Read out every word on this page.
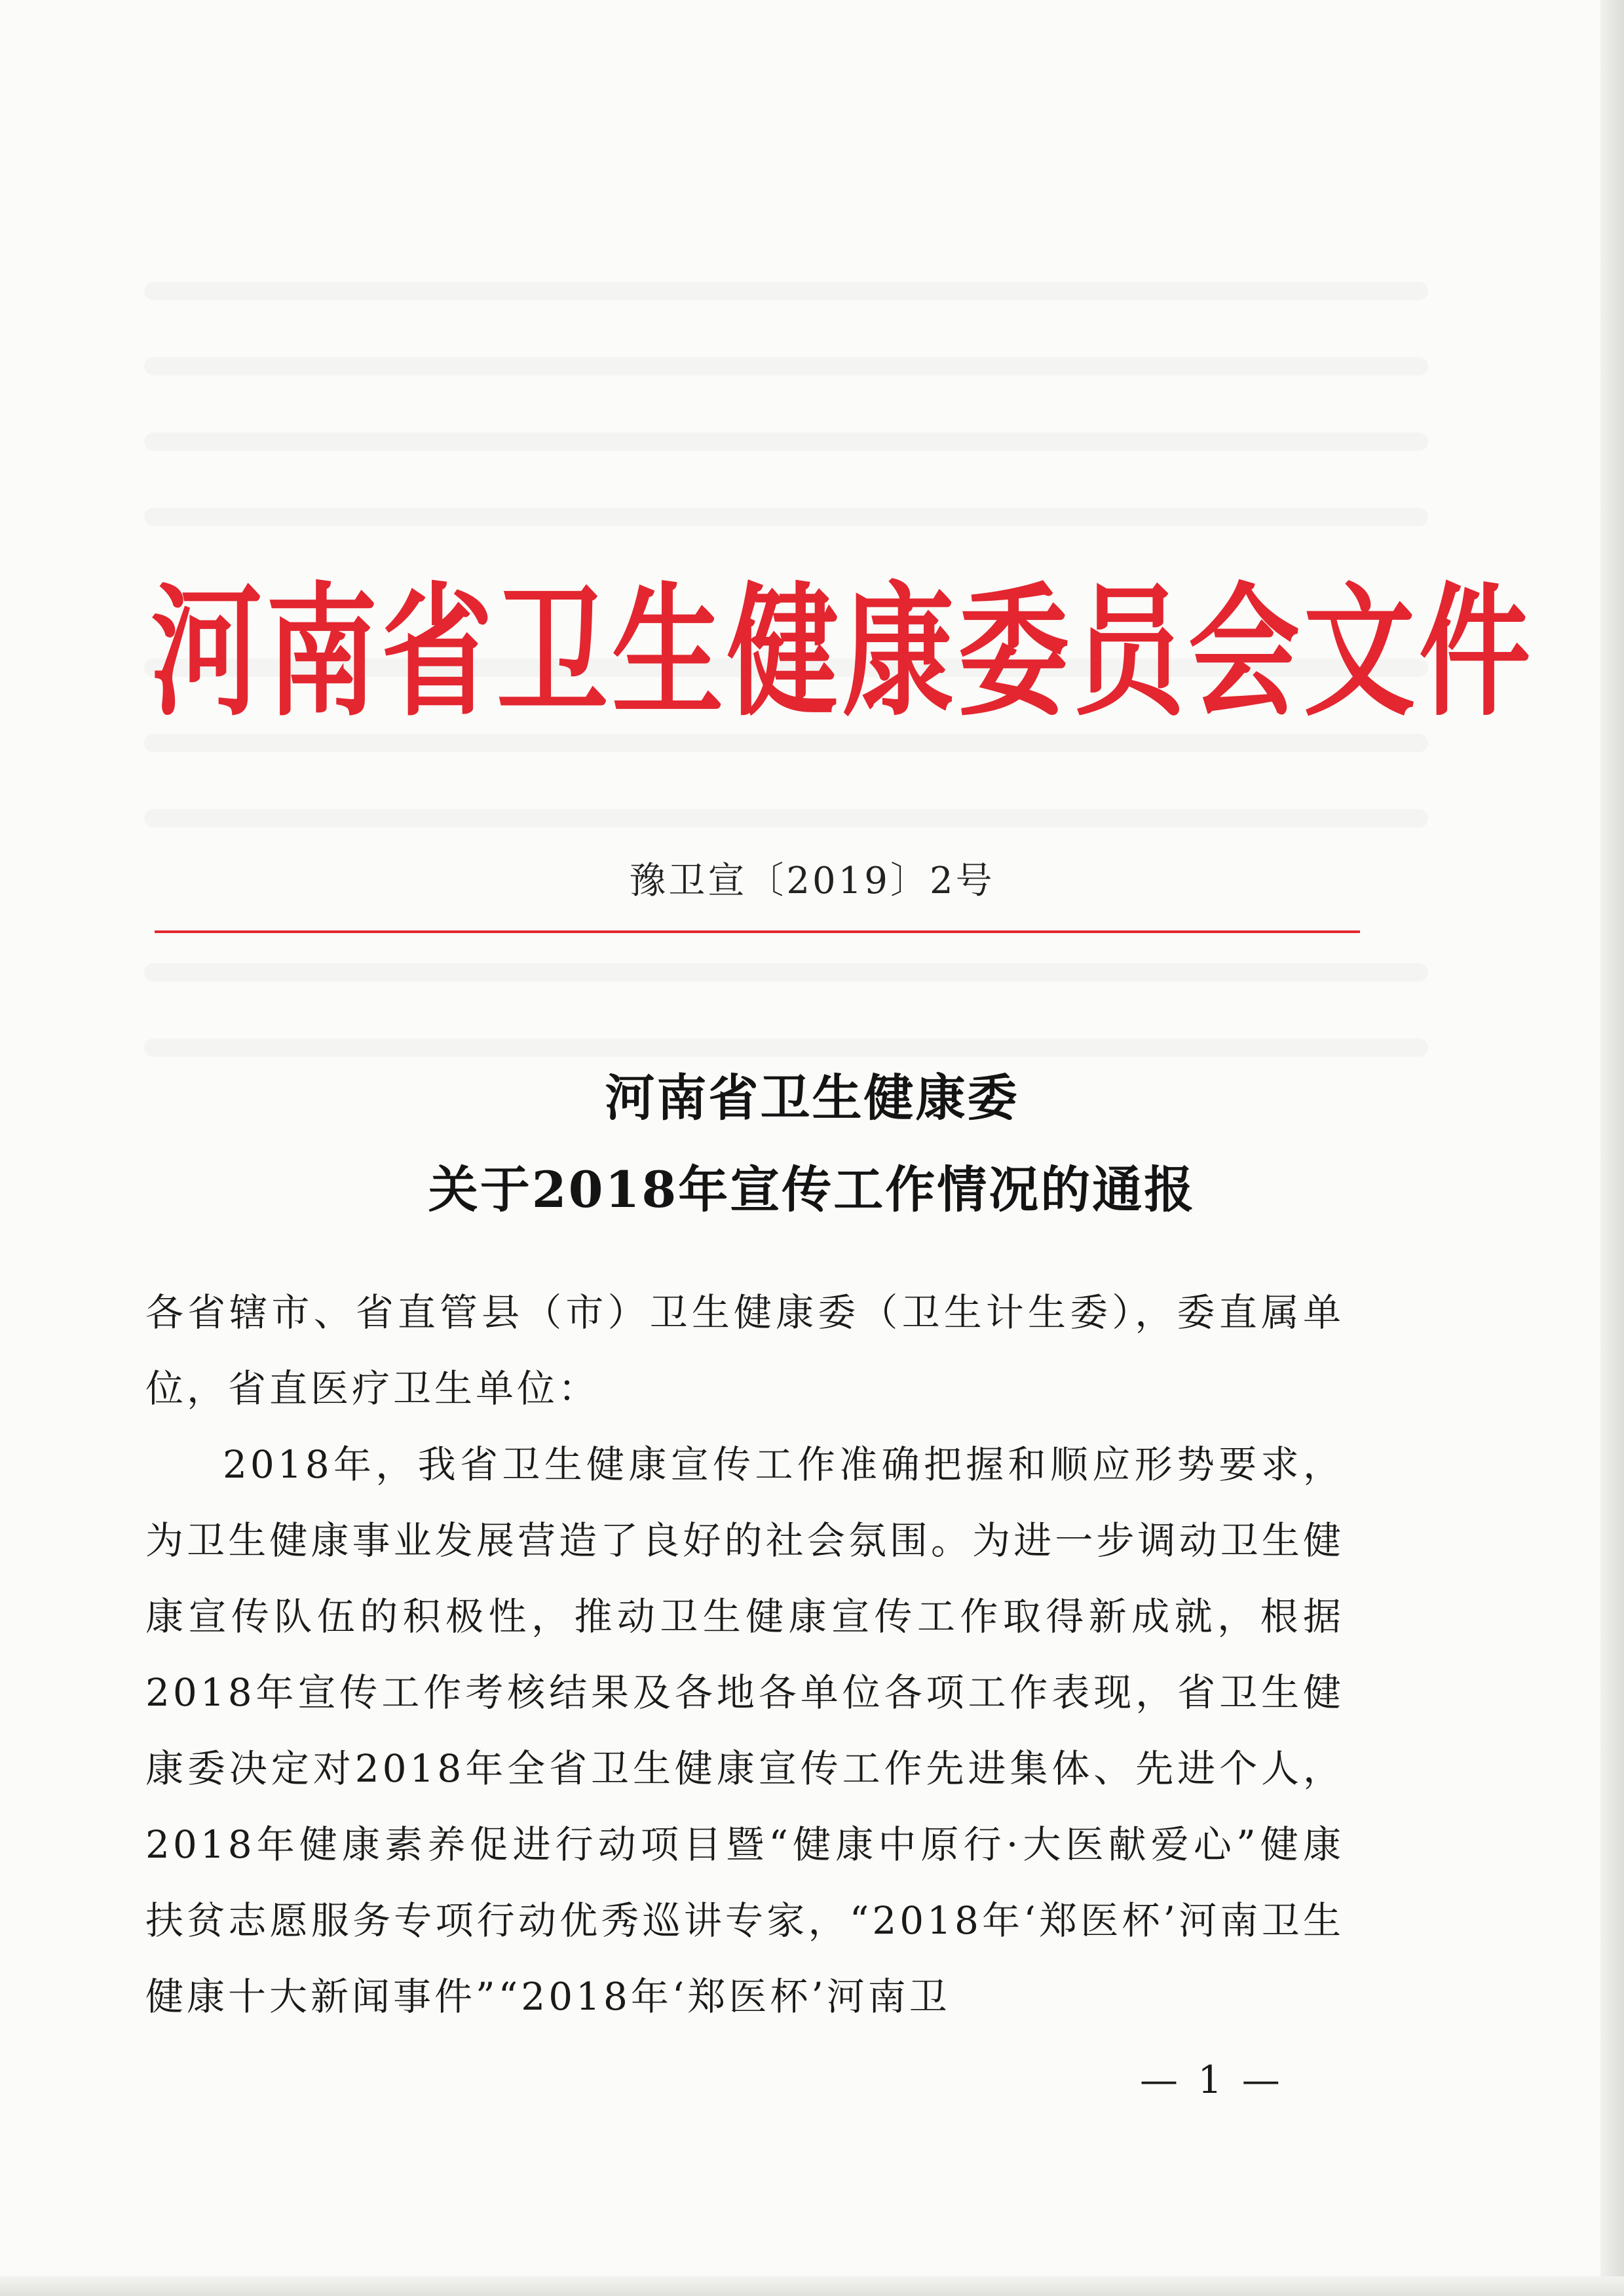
河南省卫生健康委员会文件
豫卫宣〔2019〕2号
河南省卫生健康委
关于2018年宣传工作情况的通报

各省辖市、省直管县（市）卫生健康委（卫生计生委），委直属单位，省直医疗卫生单位：

2018年，我省卫生健康宣传工作准确把握和顺应形势要求，为卫生健康事业发展营造了良好的社会氛围。为进一步调动卫生健康宣传队伍的积极性，推动卫生健康宣传工作取得新成就，根据2018年宣传工作考核结果及各地各单位各项工作表现，省卫生健康委决定对2018年全省卫生健康宣传工作先进集体、先进个人，2018年健康素养促进行动项目暨“健康中原行·大医献爱心”健康扶贫志愿服务专项行动优秀巡讲专家，“2018年‘郑医杯’河南卫生健康十大新闻事件”“2018年‘郑医杯’河南卫

— 1 —
